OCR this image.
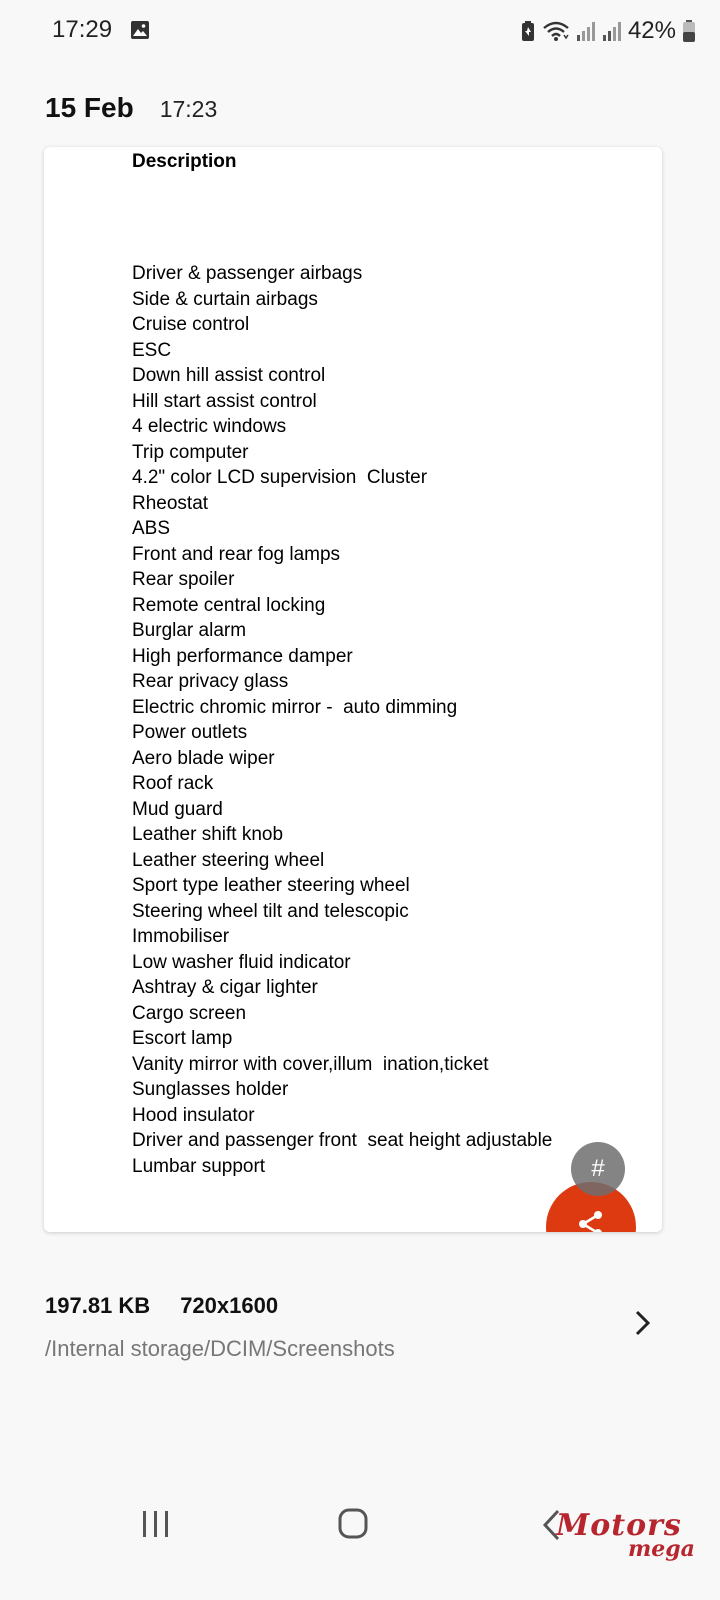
17:29	42%
15 Feb 17:23
Description
Driver & passenger airbags
Side & curtain airbags
Cruise control
ESC
Down hill assist control
Hill start assist control
4 electric windows
Trip computer
4.2" color LCD supervision  Cluster
Rheostat
ABS
Front and rear fog lamps
Rear spoiler
Remote central locking
Burglar alarm
High performance damper
Rear privacy glass
Electric chromic mirror -  auto dimming
Power outlets
Aero blade wiper
Roof rack
Mud guard
Leather shift knob
Leather steering wheel
Sport type leather steering wheel
Steering wheel tilt and telescopic
Immobiliser
Low washer fluid indicator
Ashtray & cigar lighter
Cargo screen
Escort lamp
Vanity mirror with cover,illum  ination,ticket
Sunglasses holder
Hood insulator
Driver and passenger front  seat height adjustable
Lumbar support	#
197.81 KB 720x1600
/Internal storage/DCIM/Screenshots
Motors
mega
